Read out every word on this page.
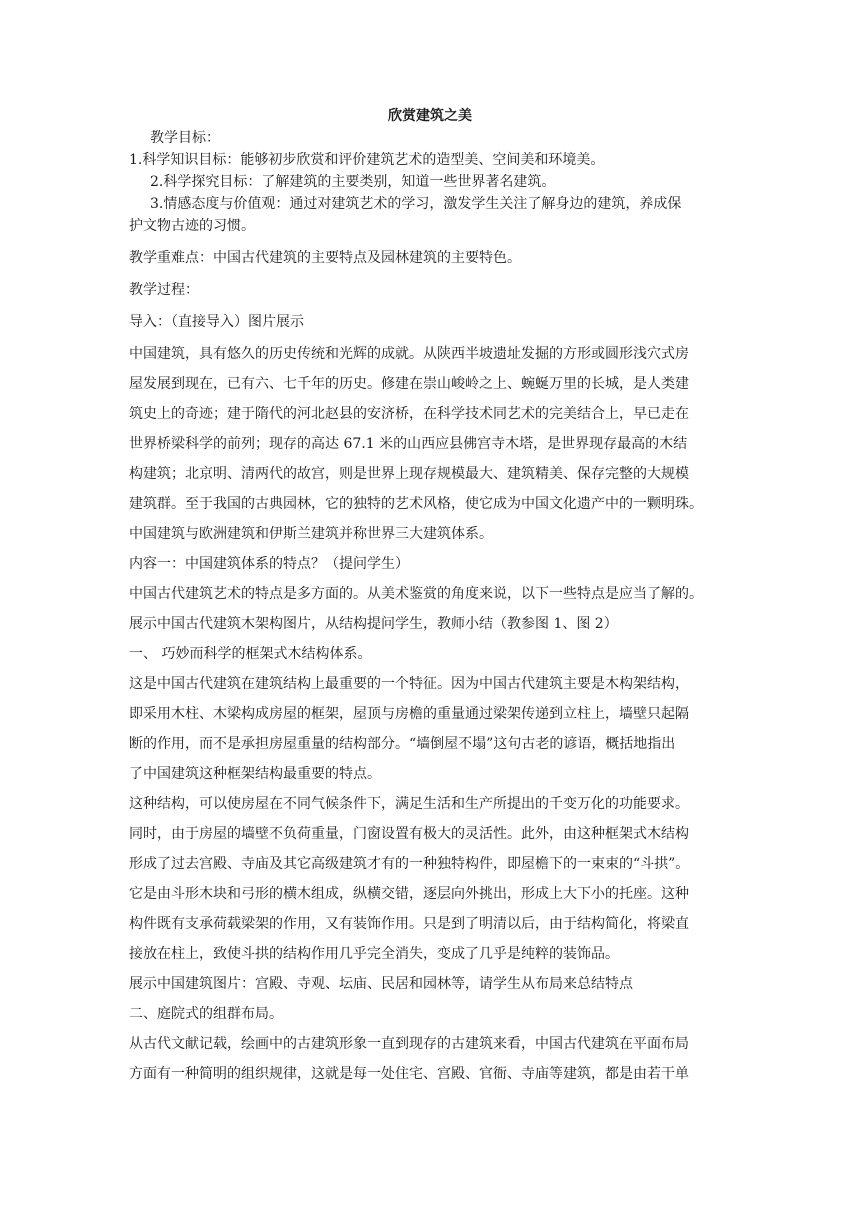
欣赏建筑之美
教学目标：
1.科学知识目标：能够初步欣赏和评价建筑艺术的造型美、空间美和环境美。
2.科学探究目标：了解建筑的主要类别，知道一些世界著名建筑。
3.情感态度与价值观：通过对建筑艺术的学习，激发学生关注了解身边的建筑，养成保
护文物古迹的习惯。
教学重难点：中国古代建筑的主要特点及园林建筑的主要特色。
教学过程：
导入：（直接导入）图片展示
中国建筑，具有悠久的历史传统和光辉的成就。从陕西半坡遗址发掘的方形或圆形浅穴式房
屋发展到现在，已有六、七千年的历史。修建在崇山峻岭之上、蜿蜒万里的长城，是人类建
筑史上的奇迹；建于隋代的河北赵县的安济桥，在科学技术同艺术的完美结合上，早已走在
世界桥梁科学的前列；现存的高达 67.1 米的山西应县佛宫寺木塔，是世界现存最高的木结
构建筑；北京明、清两代的故宫，则是世界上现存规模最大、建筑精美、保存完整的大规模
建筑群。至于我国的古典园林，它的独特的艺术风格，使它成为中国文化遗产中的一颗明珠。
中国建筑与欧洲建筑和伊斯兰建筑并称世界三大建筑体系。
内容一：中国建筑体系的特点？（提问学生）
中国古代建筑艺术的特点是多方面的。从美术鉴赏的角度来说，以下一些特点是应当了解的。
展示中国古代建筑木架构图片，从结构提问学生，教师小结（教参图 1、图 2）
一、 巧妙而科学的框架式木结构体系。
这是中国古代建筑在建筑结构上最重要的一个特征。因为中国古代建筑主要是木构架结构，
即采用木柱、木梁构成房屋的框架，屋顶与房檐的重量通过梁架传递到立柱上，墙壁只起隔
断的作用，而不是承担房屋重量的结构部分。“墙倒屋不塌”这句古老的谚语，概括地指出
了中国建筑这种框架结构最重要的特点。
这种结构，可以使房屋在不同气候条件下，满足生活和生产所提出的千变万化的功能要求。
同时，由于房屋的墙壁不负荷重量，门窗设置有极大的灵活性。此外，由这种框架式木结构
形成了过去宫殿、寺庙及其它高级建筑才有的一种独特构件，即屋檐下的一束束的“斗拱”。
它是由斗形木块和弓形的横木组成，纵横交错，逐层向外挑出，形成上大下小的托座。这种
构件既有支承荷载梁架的作用，又有装饰作用。只是到了明清以后，由于结构简化，将梁直
接放在柱上，致使斗拱的结构作用几乎完全消失，变成了几乎是纯粹的装饰品。
展示中国建筑图片：宫殿、寺观、坛庙、民居和园林等，请学生从布局来总结特点
二、庭院式的组群布局。
从古代文献记载，绘画中的古建筑形象一直到现存的古建筑来看，中国古代建筑在平面布局
方面有一种简明的组织规律，这就是每一处住宅、宫殿、官衙、寺庙等建筑，都是由若干单
